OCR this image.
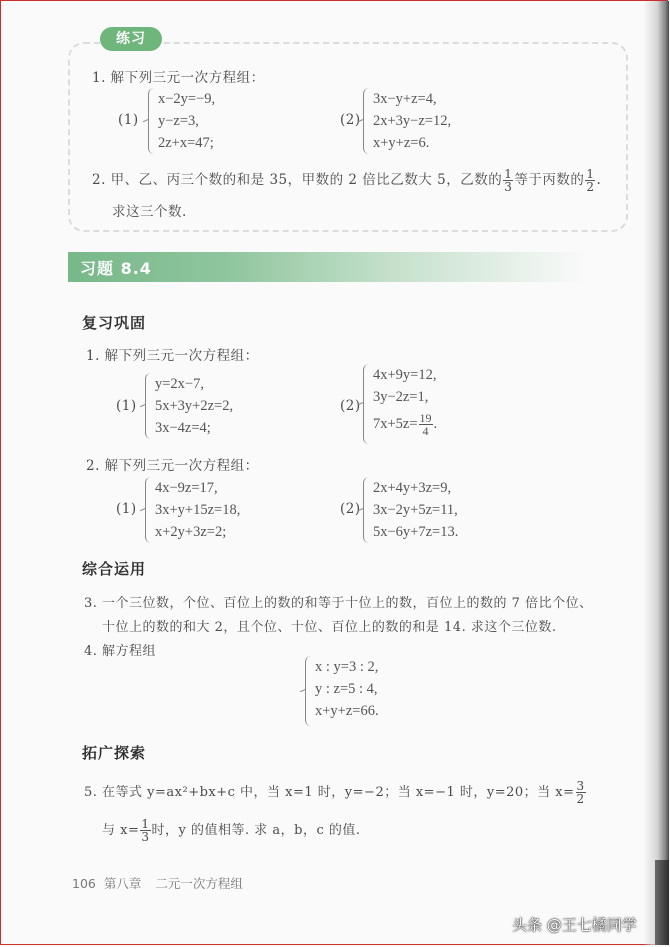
练习
1. 解下列三元一次方程组：
(1)
x−2y=−9,
y−z=3,
2z+x=47;
(2)
3x−y+z=4,
2x+3y−z=12,
x+y+z=6.
2. 甲、乙、丙三个数的和是 35，甲数的 2 倍比乙数大 5，乙数的 $\frac{1}{3}$ 等于丙数的 $\frac{1}{2}$ .
求这三个数.
习题 8.4
复习巩固
1. 解下列三元一次方程组：
(1)
y=2x−7,
5x+3y+2z=2,
3x−4z=4;
(2)
4x+9y=12,
3y−2z=1,
$7x+5z= \frac{19}{4}$ .
2. 解下列三元一次方程组：
(1)
4x−9z=17,
3x+y+15z=18,
x+2y+3z=2;
(2)
2x+4y+3z=9,
3x−2y+5z=11,
5x−6y+7z=13.
综合运用
3. 一个三位数，个位、百位上的数的和等于十位上的数，百位上的数的 7 倍比个位、
十位上的数的和大 2，且个位、十位、百位上的数的和是 14. 求这个三位数.
4. 解方程组
x : y=3 : 2,
y : z=5 : 4,
x+y+z=66.
拓广探索
5. 在等式 y=ax²+bx+c 中，当 x=1 时，y=−2；当 x=−1 时，y=20；当 $x= \frac{3}{2}$
与 $x= \frac{1}{3}$ 时，y 的值相等. 求 a，b，c 的值.
106 第八章 二元一次方程组
头条 @王七橘同学
